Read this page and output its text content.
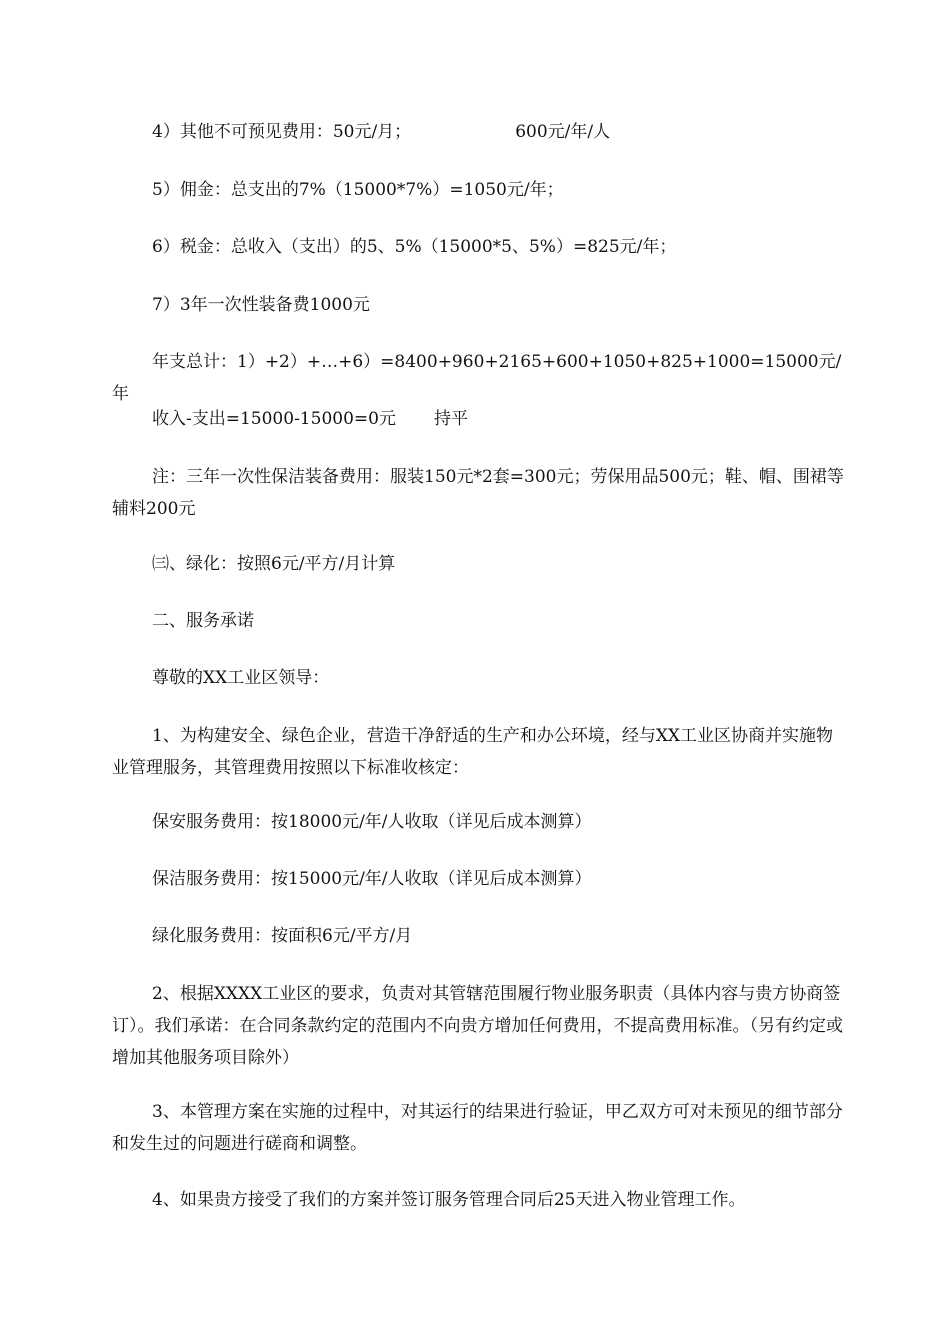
4）其他不可预见费用：50元/月；	600元/年/人

5）佣金：总支出的7%（15000*7%）=1050元/年；

6）税金：总收入（支出）的5、5%（15000*5、5%）=825元/年；

7）3年一次性装备费1000元

年支总计：1）+2）+…+6）=8400+960+2165+600+1050+825+1000=15000元/年

收入-支出=15000-15000=0元 持平

注：三年一次性保洁装备费用：服装150元*2套=300元；劳保用品500元；鞋、帽、围裙等辅料200元

㈢、绿化：按照6元/平方/月计算

二、服务承诺

尊敬的XX工业区领导：

1、为构建安全、绿色企业，营造干净舒适的生产和办公环境，经与XX工业区协商并实施物业管理服务，其管理费用按照以下标准收核定：

保安服务费用：按18000元/年/人收取（详见后成本测算）

保洁服务费用：按15000元/年/人收取（详见后成本测算）

绿化服务费用：按面积6元/平方/月

2、根据XXXX工业区的要求，负责对其管辖范围履行物业服务职责（具体内容与贵方协商签订）。我们承诺：在合同条款约定的范围内不向贵方增加任何费用，不提高费用标准。（另有约定或增加其他服务项目除外）

3、本管理方案在实施的过程中，对其运行的结果进行验证，甲乙双方可对未预见的细节部分和发生过的问题进行磋商和调整。

4、如果贵方接受了我们的方案并签订服务管理合同后25天进入物业管理工作。
